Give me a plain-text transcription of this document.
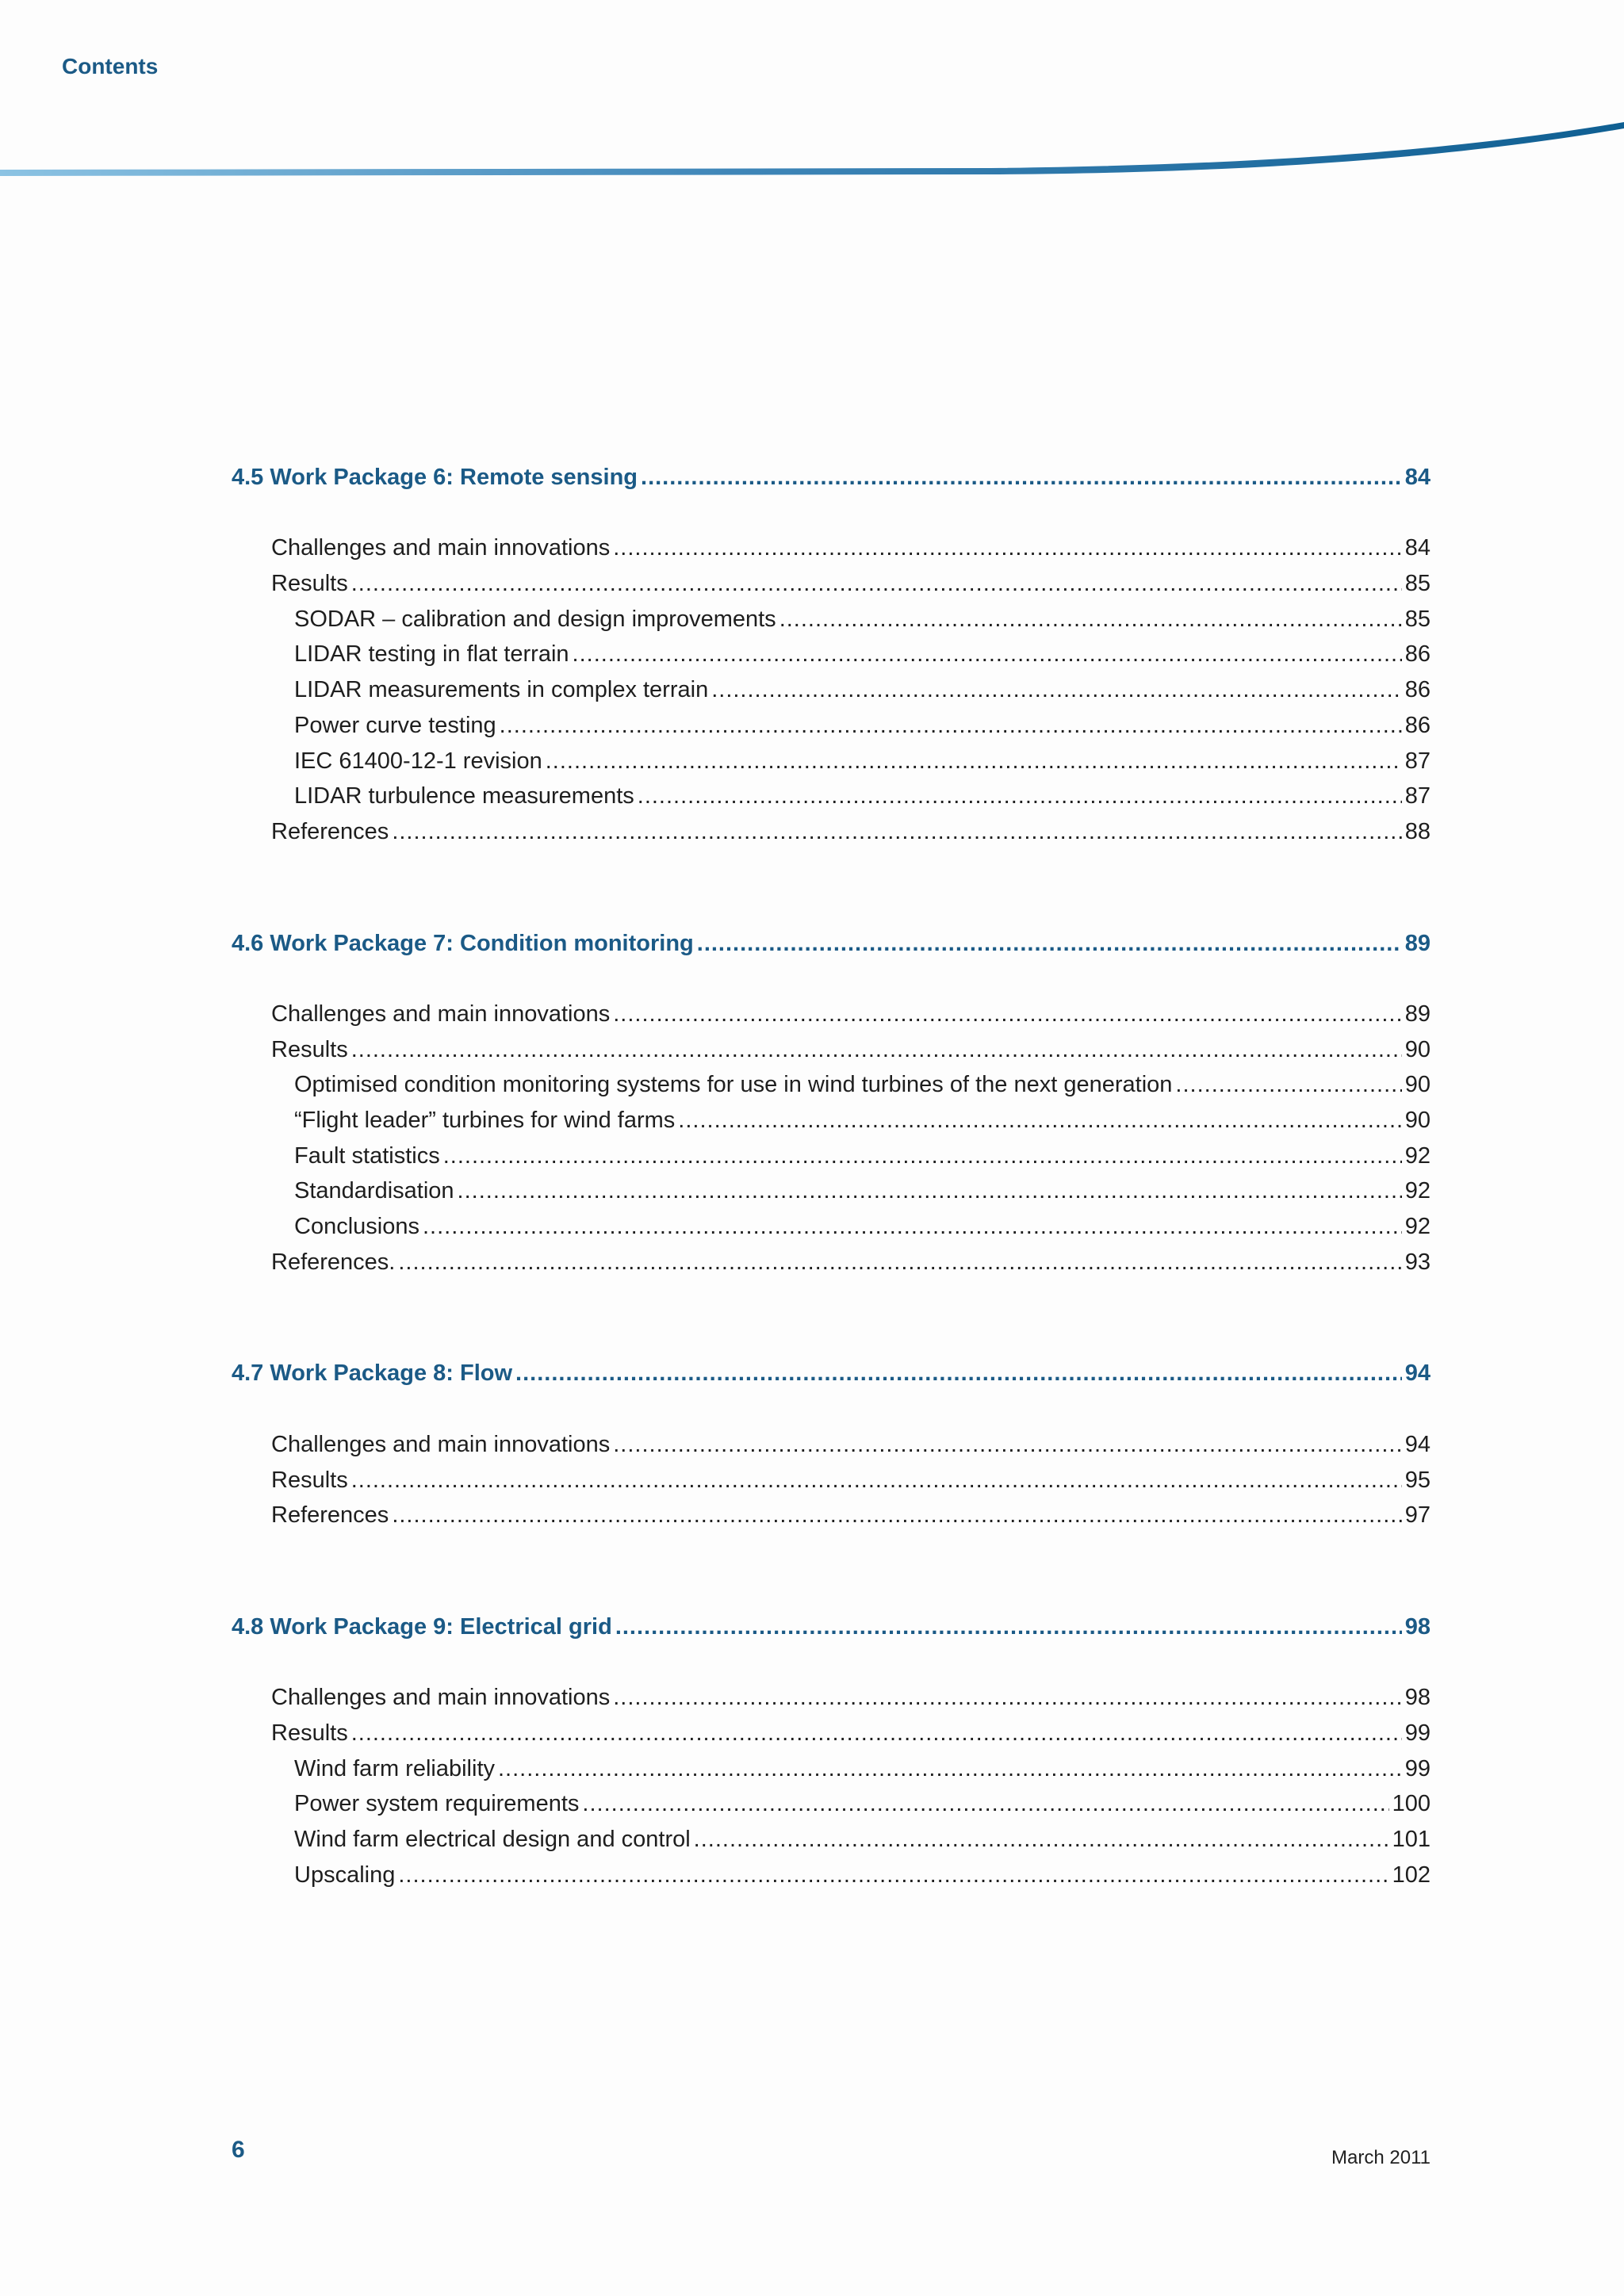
Contents
4.5 Work Package 6: Remote sensing .....	84
Challenges and main innovations .....	84
Results .....	85
SODAR – calibration and design improvements .....	85
LIDAR testing in flat terrain .....	86
LIDAR measurements in complex terrain .....	86
Power curve testing .....	86
IEC 61400-12-1 revision .....	87
LIDAR turbulence measurements .....	87
References .....	88
4.6 Work Package 7: Condition monitoring .....	89
Challenges and main innovations .....	89
Results .....	90
Optimised condition monitoring systems for use in wind turbines of the next generation .....	90
“Flight leader” turbines for wind farms .....	90
Fault statistics .....	92
Standardisation .....	92
Conclusions .....	92
References. .....	93
4.7 Work Package 8: Flow .....	94
Challenges and main innovations .....	94
Results .....	95
References .....	97
4.8 Work Package 9: Electrical grid .....	98
Challenges and main innovations .....	98
Results .....	99
Wind farm reliability .....	99
Power system requirements .....	100
Wind farm electrical design and control .....	101
Upscaling .....	102
6	March 2011
